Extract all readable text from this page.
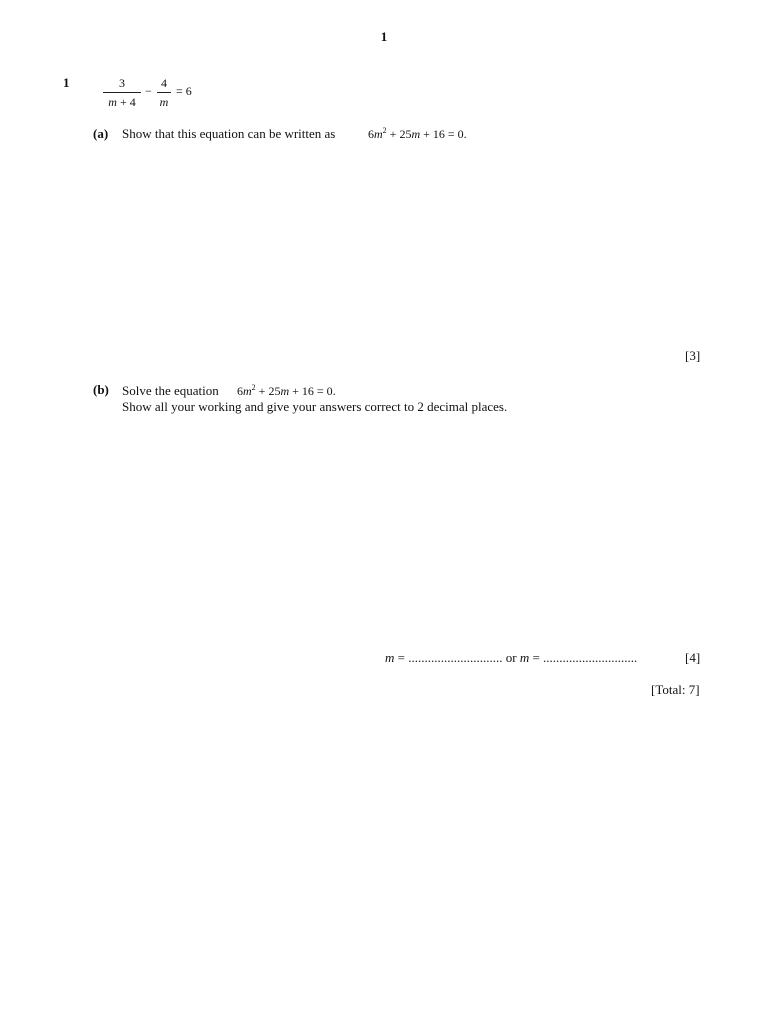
1
1	3
m + 4
−
4
m
= 6
(a) Show that this equation can be written as	$6m^2 + 25m + 16 = 0$.
[3]
(b) Solve the equation $6m^2 + 25m + 16 = 0$.
Show all your working and give your answers correct to 2 decimal places.
m = ............................. or m = .............................	[4]
[Total: 7]
